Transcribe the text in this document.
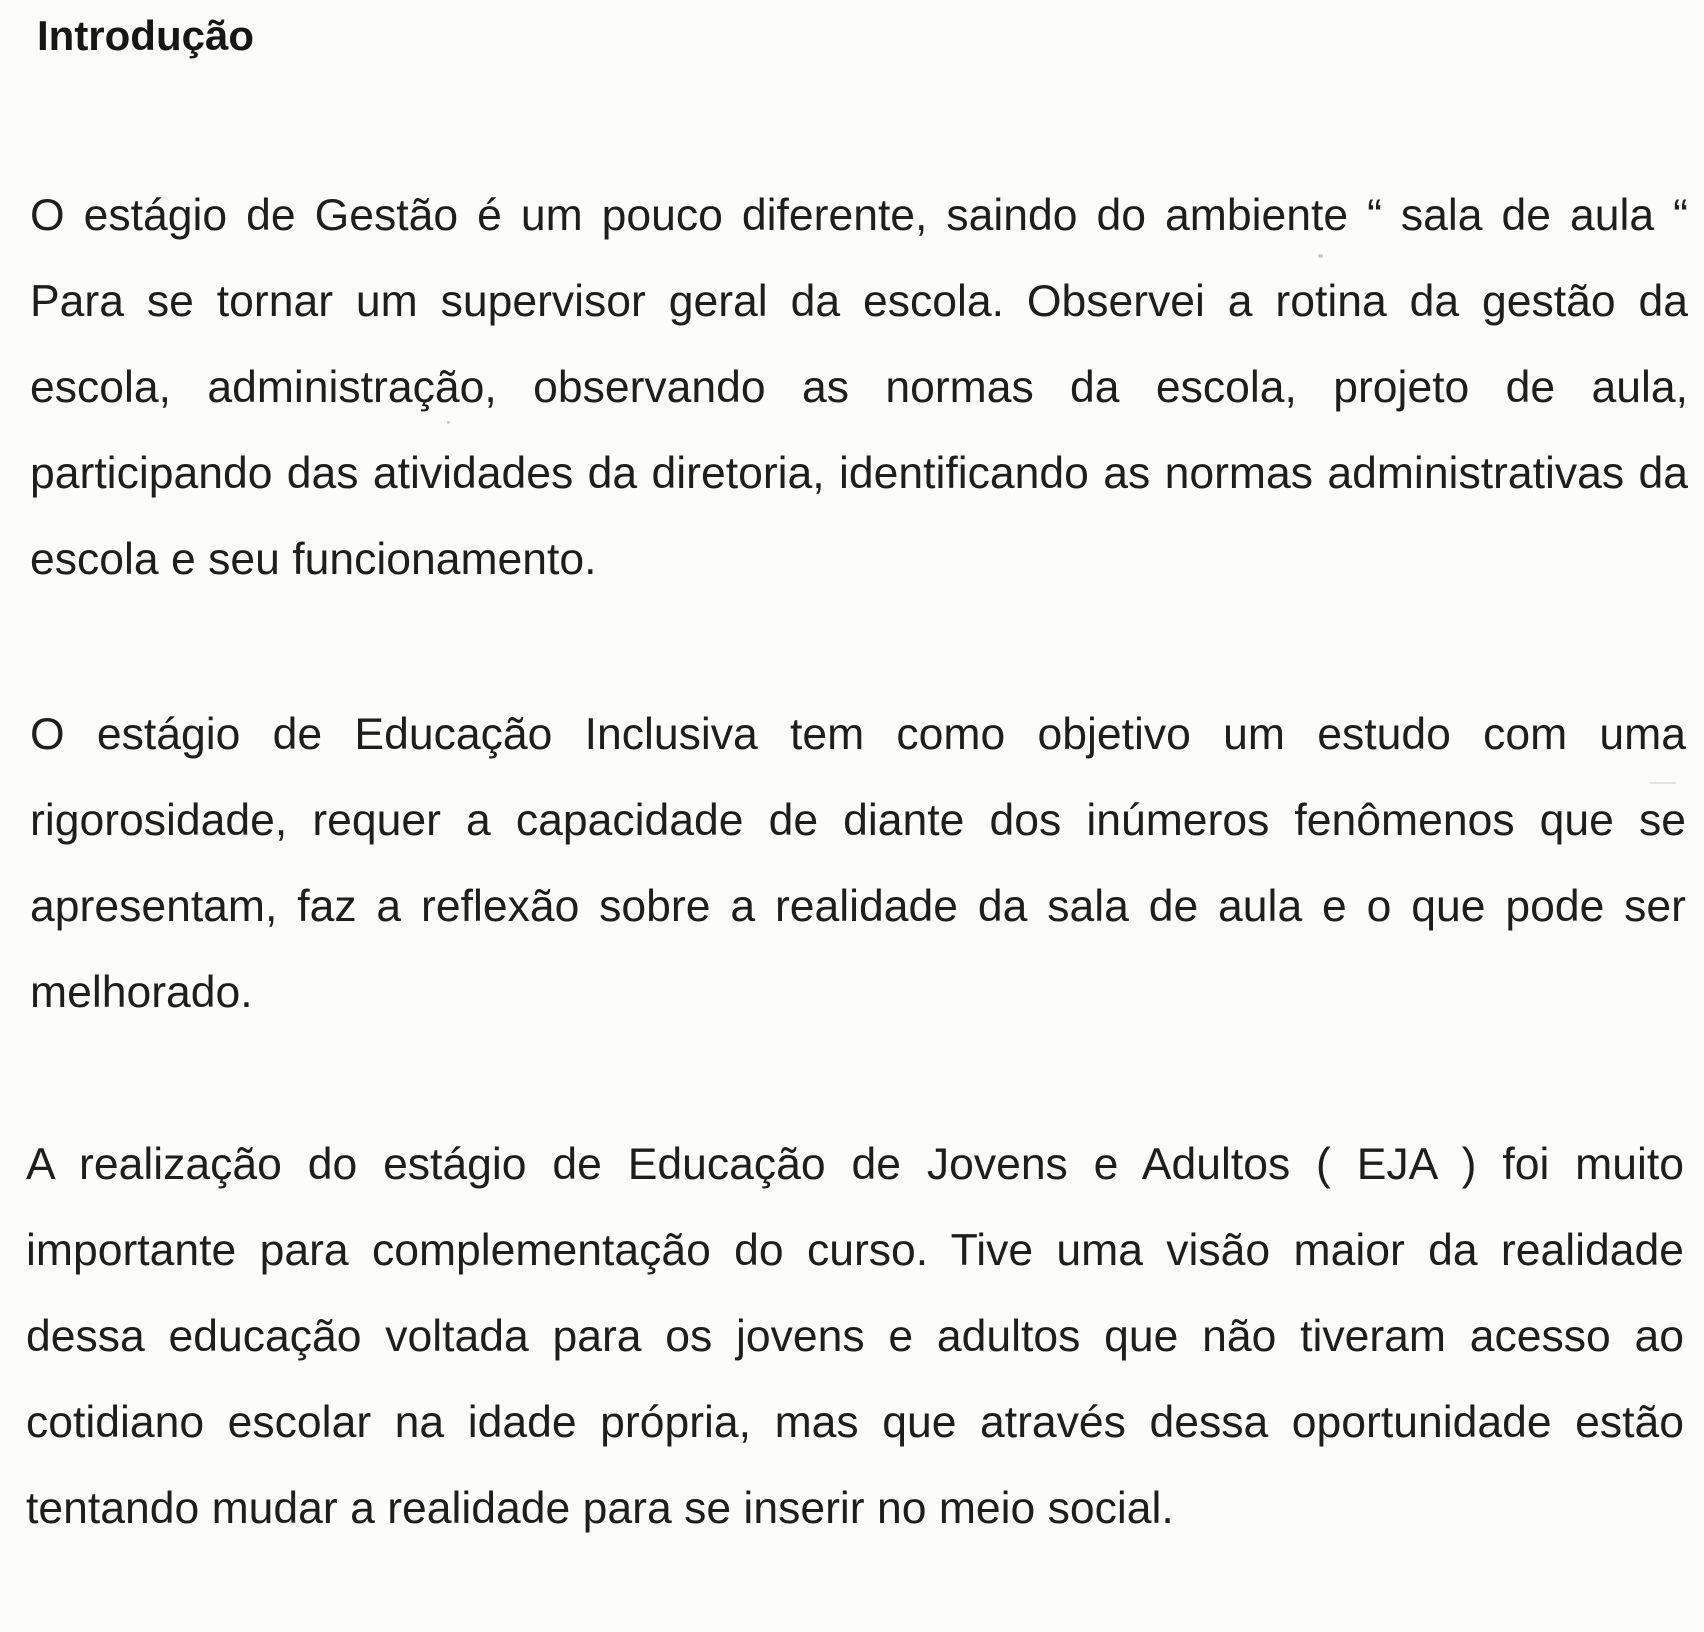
Introdução

O estágio de Gestão é um pouco diferente, saindo do ambiente “ sala de aula “ Para se tornar um supervisor geral da escola. Observei a rotina da gestão da escola, administração, observando as normas da escola, projeto de aula, participando das atividades da diretoria, identificando as normas administrativas da escola e seu funcionamento.

O estágio de Educação Inclusiva tem como objetivo um estudo com uma rigorosidade, requer a capacidade de diante dos inúmeros fenômenos que se apresentam, faz a reflexão sobre a realidade da sala de aula e o que pode ser melhorado.

A realização do estágio de Educação de Jovens e Adultos ( EJA ) foi muito importante para complementação do curso. Tive uma visão maior da realidade dessa educação voltada para os jovens e adultos que não tiveram acesso ao cotidiano escolar na idade própria, mas que através dessa oportunidade estão tentando mudar a realidade para se inserir no meio social.
